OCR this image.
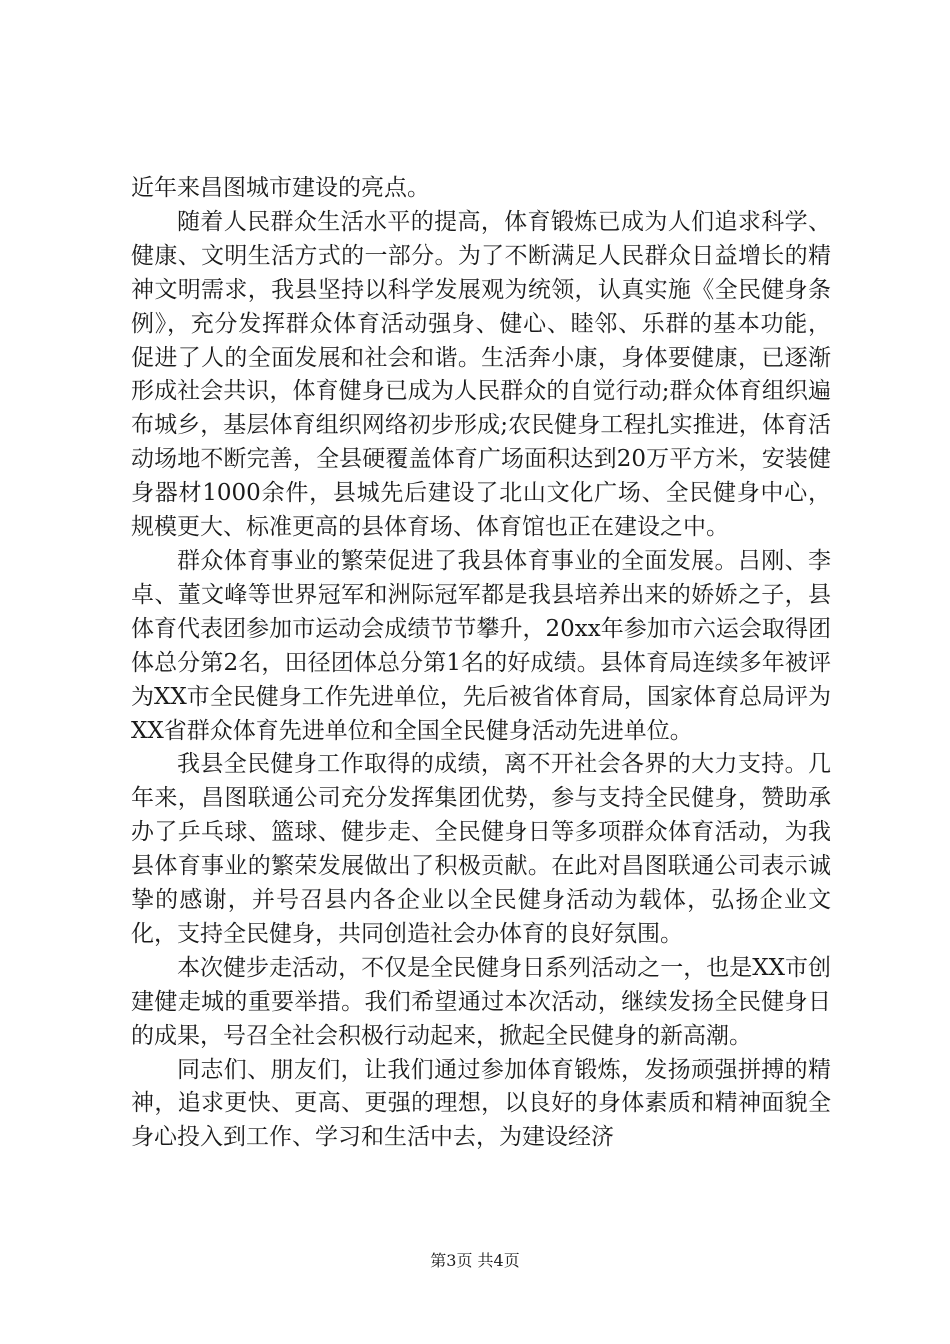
近年来昌图城市建设的亮点。

随着人民群众生活水平的提高，体育锻炼已成为人们追求科学、健康、文明生活方式的一部分。为了不断满足人民群众日益增长的精神文明需求，我县坚持以科学发展观为统领，认真实施《全民健身条例》，充分发挥群众体育活动强身、健心、睦邻、乐群的基本功能，促进了人的全面发展和社会和谐。生活奔小康，身体要健康，已逐渐形成社会共识，体育健身已成为人民群众的自觉行动;群众体育组织遍布城乡，基层体育组织网络初步形成;农民健身工程扎实推进，体育活动场地不断完善，全县硬覆盖体育广场面积达到20万平方米，安装健身器材1000余件，县城先后建设了北山文化广场、全民健身中心，规模更大、标准更高的县体育场、体育馆也正在建设之中。

群众体育事业的繁荣促进了我县体育事业的全面发展。吕刚、李卓、董文峰等世界冠军和洲际冠军都是我县培养出来的娇娇之子，县体育代表团参加市运动会成绩节节攀升，20xx年参加市六运会取得团体总分第2名，田径团体总分第1名的好成绩。县体育局连续多年被评为XX市全民健身工作先进单位，先后被省体育局，国家体育总局评为XX省群众体育先进单位和全国全民健身活动先进单位。

我县全民健身工作取得的成绩，离不开社会各界的大力支持。几年来，昌图联通公司充分发挥集团优势，参与支持全民健身，赞助承办了乒乓球、篮球、健步走、全民健身日等多项群众体育活动，为我县体育事业的繁荣发展做出了积极贡献。在此对昌图联通公司表示诚挚的感谢，并号召县内各企业以全民健身活动为载体，弘扬企业文化，支持全民健身，共同创造社会办体育的良好氛围。

本次健步走活动，不仅是全民健身日系列活动之一，也是XX市创建健走城的重要举措。我们希望通过本次活动，继续发扬全民健身日的成果，号召全社会积极行动起来，掀起全民健身的新高潮。

同志们、朋友们，让我们通过参加体育锻炼，发扬顽强拼搏的精神，追求更快、更高、更强的理想，以良好的身体素质和精神面貌全身心投入到工作、学习和生活中去，为建设经济

第3页 共4页
